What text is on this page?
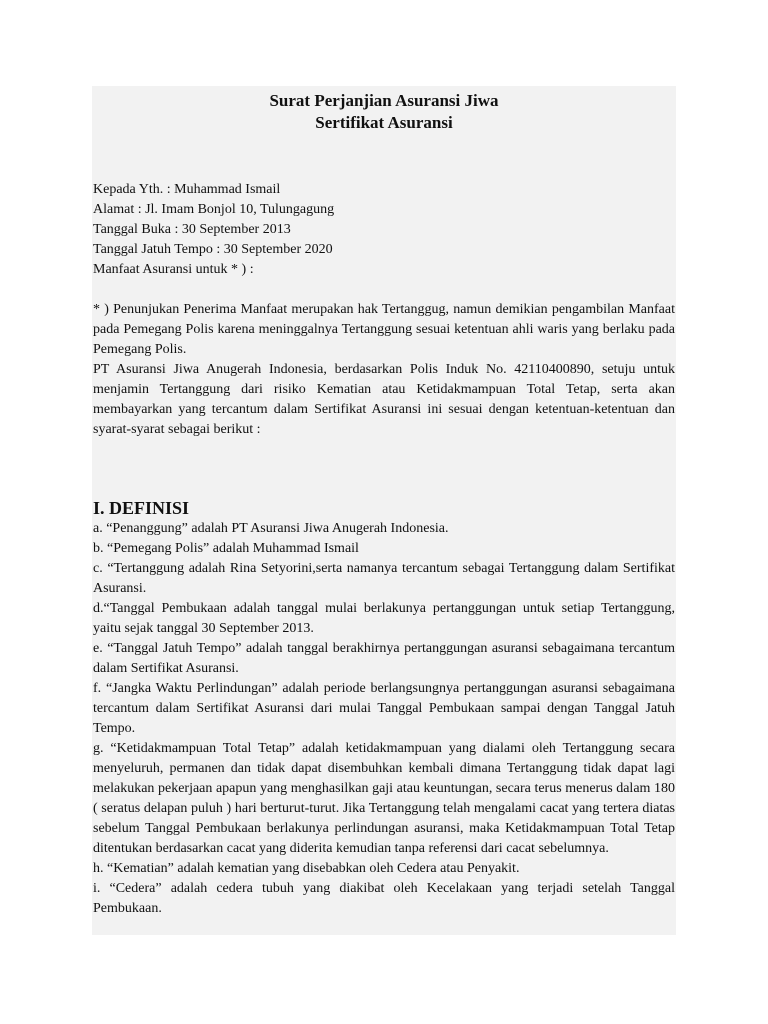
Surat Perjanjian Asuransi Jiwa

Sertifikat Asuransi

Kepada Yth. : Muhammad Ismail
Alamat : Jl. Imam Bonjol 10, Tulungagung
Tanggal Buka : 30 September 2013
Tanggal Jatuh Tempo : 30 September 2020
Manfaat Asuransi untuk * ) :

* ) Penunjukan Penerima Manfaat merupakan hak Tertanggug, namun demikian pengambilan Manfaat pada Pemegang Polis karena meninggalnya Tertanggung sesuai ketentuan ahli waris yang berlaku pada Pemegang Polis.

PT Asuransi Jiwa Anugerah Indonesia, berdasarkan Polis Induk No. 42110400890, setuju untuk menjamin Tertanggung dari risiko Kematian atau Ketidakmampuan Total Tetap, serta akan membayarkan yang tercantum dalam Sertifikat Asuransi ini sesuai dengan ketentuan-ketentuan dan syarat-syarat sebagai berikut :

I. DEFINISI

a. “Penanggung” adalah PT Asuransi Jiwa Anugerah Indonesia.

b. “Pemegang Polis” adalah Muhammad Ismail

c. “Tertanggung adalah Rina Setyorini,serta namanya tercantum sebagai Tertanggung dalam Sertifikat Asuransi.

d.“Tanggal Pembukaan adalah tanggal mulai berlakunya pertanggungan untuk setiap Tertanggung, yaitu sejak tanggal 30 September 2013.

e. “Tanggal Jatuh Tempo” adalah tanggal berakhirnya pertanggungan asuransi sebagaimana tercantum dalam Sertifikat Asuransi.

f. “Jangka Waktu Perlindungan” adalah periode berlangsungnya pertanggungan asuransi sebagaimana tercantum dalam Sertifikat Asuransi dari mulai Tanggal Pembukaan sampai dengan Tanggal Jatuh Tempo.

g. “Ketidakmampuan Total Tetap” adalah ketidakmampuan yang dialami oleh Tertanggung secara menyeluruh, permanen dan tidak dapat disembuhkan kembali dimana Tertanggung tidak dapat lagi melakukan pekerjaan apapun yang menghasilkan gaji atau keuntungan, secara terus menerus dalam 180 ( seratus delapan puluh ) hari berturut-turut. Jika Tertanggung telah mengalami cacat yang tertera diatas sebelum Tanggal Pembukaan berlakunya perlindungan asuransi, maka Ketidakmampuan Total Tetap ditentukan berdasarkan cacat yang diderita kemudian tanpa referensi dari cacat sebelumnya.

h. “Kematian” adalah kematian yang disebabkan oleh Cedera atau Penyakit.

i. “Cedera” adalah cedera tubuh yang diakibat oleh Kecelakaan yang terjadi setelah Tanggal Pembukaan.
